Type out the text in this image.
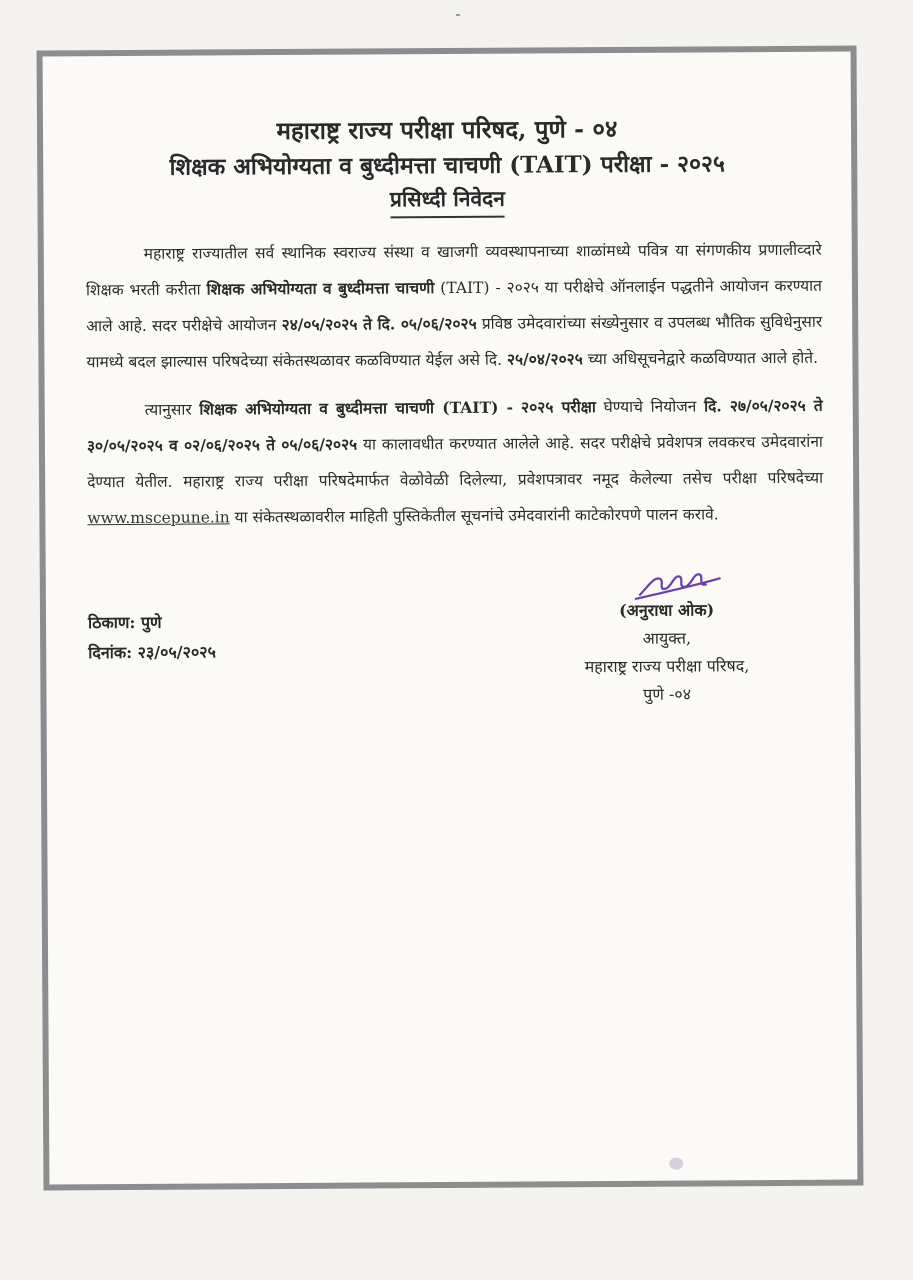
महाराष्ट्र राज्य परीक्षा परिषद, पुणे - ०४
शिक्षक अभियोग्यता व बुध्दीमत्ता चाचणी (TAIT) परीक्षा - २०२५
प्रसिध्दी निवेदन

महाराष्ट्र राज्यातील सर्व स्थानिक स्वराज्य संस्था व खाजगी व्यवस्थापनाच्या शाळांमध्ये पवित्र या संगणकीय प्रणालीव्दारे शिक्षक भरती करीता शिक्षक अभियोग्यता व बुध्दीमत्ता चाचणी (TAIT) - २०२५ या परीक्षेचे ऑनलाईन पद्धतीने आयोजन करण्यात आले आहे. सदर परीक्षेचे आयोजन २४/०५/२०२५ ते दि. ०५/०६/२०२५ प्रविष्ठ उमेदवारांच्या संख्येनुसार व उपलब्ध भौतिक सुविधेनुसार यामध्ये बदल झाल्यास परिषदेच्या संकेतस्थळावर कळविण्यात येईल असे दि. २५/०४/२०२५ च्या अधिसूचनेद्वारे कळविण्यात आले होते.

त्यानुसार शिक्षक अभियोग्यता व बुध्दीमत्ता चाचणी (TAIT) - २०२५ परीक्षा घेण्याचे नियोजन दि. २७/०५/२०२५ ते ३०/०५/२०२५ व ०२/०६/२०२५ ते ०५/०६/२०२५ या कालावधीत करण्यात आलेले आहे. सदर परीक्षेचे प्रवेशपत्र लवकरच उमेदवारांना देण्यात येतील. महाराष्ट्र राज्य परीक्षा परिषदेमार्फत वेळोवेळी दिलेल्या, प्रवेशपत्रावर नमूद केलेल्या तसेच परीक्षा परिषदेच्या www.mscepune.in या संकेतस्थळावरील माहिती पुस्तिकेतील सूचनांचे उमेदवारांनी काटेकोरपणे पालन करावे.

ठिकाण: पुणे
दिनांक: २३/०५/२०२५
(अनुराधा ओक)
आयुक्त,
महाराष्ट्र राज्य परीक्षा परिषद,
पुणे -०४
